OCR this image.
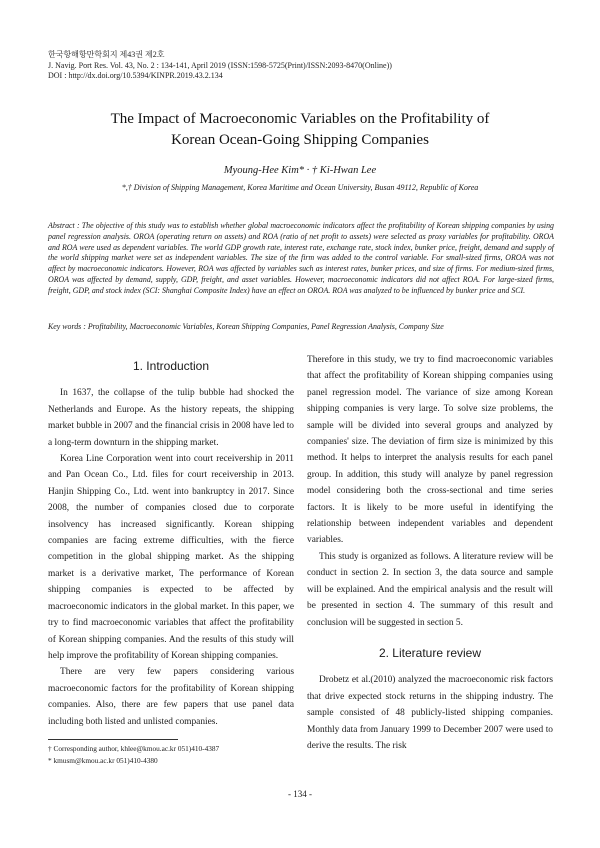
한국항해항만학회지 제43권 제2호
J. Navig. Port Res. Vol. 43, No. 2 : 134-141, April 2019 (ISSN:1598-5725(Print)/ISSN:2093-8470(Online))
DOI : http://dx.doi.org/10.5394/KINPR.2019.43.2.134
The Impact of Macroeconomic Variables on the Profitability of
Korean Ocean-Going Shipping Companies
Myoung-Hee Kim* · † Ki-Hwan Lee
*,† Division of Shipping Management, Korea Maritime and Ocean University, Busan 49112, Republic of Korea
Abstract : The objective of this study was to establish whether global macroeconomic indicators affect the profitability of Korean shipping companies by using panel regression analysis. OROA (operating return on assets) and ROA (ratio of net profit to assets) were selected as proxy variables for profitability. OROA and ROA were used as dependent variables. The world GDP growth rate, interest rate, exchange rate, stock index, bunker price, freight, demand and supply of the world shipping market were set as independent variables. The size of the firm was added to the control variable. For small-sized firms, OROA was not affect by macroeconomic indicators. However, ROA was affected by variables such as interest rates, bunker prices, and size of firms. For medium-sized firms, OROA was affected by demand, supply, GDP, freight, and asset variables. However, macroeconomic indicators did not affect ROA. For large-sized firms, freight, GDP, and stock index (SCI: Shanghai Composite Index) have an effect on OROA. ROA was analyzed to be influenced by bunker price and SCI.
Key words : Profitability, Macroeconomic Variables, Korean Shipping Companies, Panel Regression Analysis, Company Size
1. Introduction

In 1637, the collapse of the tulip bubble had shocked the Netherlands and Europe. As the history repeats, the shipping market bubble in 2007 and the financial crisis in 2008 have led to a long-term downturn in the shipping market.

Korea Line Corporation went into court receivership in 2011 and Pan Ocean Co., Ltd. files for court receivership in 2013. Hanjin Shipping Co., Ltd. went into bankruptcy in 2017. Since 2008, the number of companies closed due to corporate insolvency has increased significantly. Korean shipping companies are facing extreme difficulties, with the fierce competition in the global shipping market. As the shipping market is a derivative market, The performance of Korean shipping companies is expected to be affected by macroeconomic indicators in the global market. In this paper, we try to find macroeconomic variables that affect the profitability of Korean shipping companies. And the results of this study will help improve the profitability of Korean shipping companies.

There are very few papers considering various macroeconomic factors for the profitability of Korean shipping companies. Also, there are few papers that use panel data including both listed and unlisted companies.

Therefore in this study, we try to find macroeconomic variables that affect the profitability of Korean shipping companies using panel regression model. The variance of size among Korean shipping companies is very large. To solve size problems, the sample will be divided into several groups and analyzed by companies' size. The deviation of firm size is minimized by this method. It helps to interpret the analysis results for each panel group. In addition, this study will analyze by panel regression model considering both the cross-sectional and time series factors. It is likely to be more useful in identifying the relationship between independent variables and dependent variables.

This study is organized as follows. A literature review will be conduct in section 2. In section 3, the data source and sample will be explained. And the empirical analysis and the result will be presented in section 4. The summary of this result and conclusion will be suggested in section 5.

2. Literature review

Drobetz et al.(2010) analyzed the macroeconomic risk factors that drive expected stock returns in the shipping industry. The sample consisted of 48 publicly-listed shipping companies. Monthly data from January 1999 to December 2007 were used to derive the results. The risk

† Corresponding author, khlee@kmou.ac.kr 051)410-4387
* kmusm@kmou.ac.kr 051)410-4380
- 134 -
